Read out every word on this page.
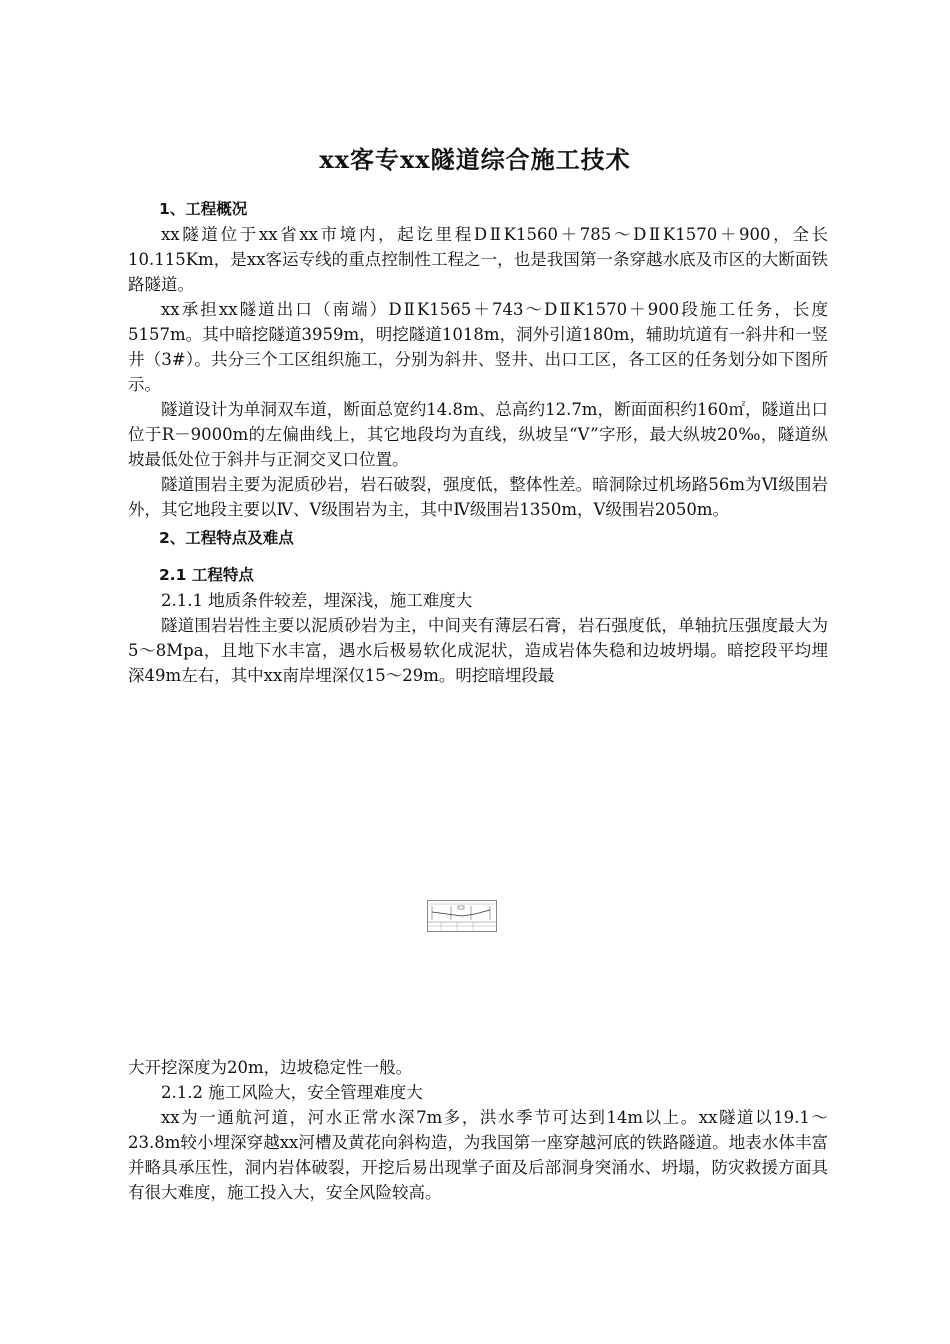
xx客专xx隧道综合施工技术

1、工程概况

xx隧道位于xx省xx市境内，起讫里程DⅡK1560＋785～DⅡK1570＋900，全长10.115Km，是xx客运专线的重点控制性工程之一，也是我国第一条穿越水底及市区的大断面铁路隧道。

xx承担xx隧道出口（南端）DⅡK1565＋743～DⅡK1570＋900段施工任务，长度5157m。其中暗挖隧道3959m，明挖隧道1018m，洞外引道180m，辅助坑道有一斜井和一竖井（3#）。共分三个工区组织施工，分别为斜井、竖井、出口工区，各工区的任务划分如下图所示。

隧道设计为单洞双车道，断面总宽约14.8m、总高约12.7m，断面面积约160㎡，隧道出口位于R－9000m的左偏曲线上，其它地段均为直线，纵坡呈“V”字形，最大纵坡20‰，隧道纵坡最低处位于斜井与正洞交叉口位置。

隧道围岩主要为泥质砂岩，岩石破裂，强度低，整体性差。暗洞除过机场路56m为Ⅵ级围岩外，其它地段主要以Ⅳ、Ⅴ级围岩为主，其中Ⅳ级围岩1350m，Ⅴ级围岩2050m。

2、工程特点及难点

2.1 工程特点

2.1.1 地质条件较差，埋深浅，施工难度大

隧道围岩岩性主要以泥质砂岩为主，中间夹有薄层石膏，岩石强度低，单轴抗压强度最大为5～8Mpa，且地下水丰富，遇水后极易软化成泥状，造成岩体失稳和边坡坍塌。暗挖段平均埋深49m左右，其中xx南岸埋深仅15～29m。明挖暗埋段最

大开挖深度为20m，边坡稳定性一般。

2.1.2 施工风险大，安全管理难度大

xx为一通航河道，河水正常水深7m多，洪水季节可达到14m以上。xx隧道以19.1～23.8m较小埋深穿越xx河槽及黄花向斜构造，为我国第一座穿越河底的铁路隧道。地表水体丰富并略具承压性，洞内岩体破裂，开挖后易出现掌子面及后部洞身突涌水、坍塌，防灾救援方面具有很大难度，施工投入大，安全风险较高。
